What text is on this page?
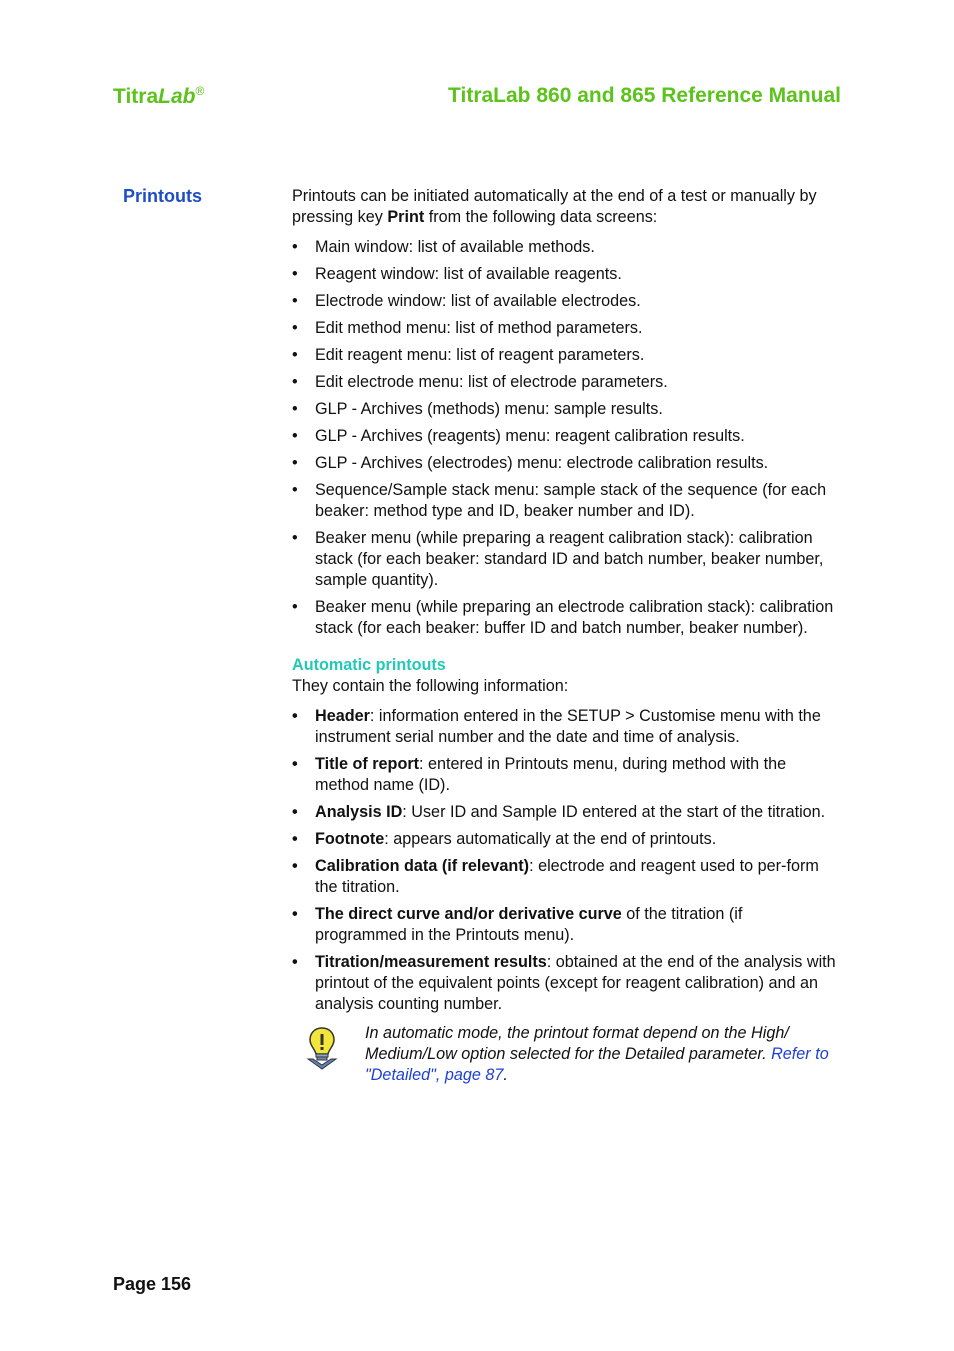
TitraLab®	TitraLab 860 and 865 Reference Manual
Printouts	Printouts can be initiated automatically at the end of a test or manually by pressing key Print from the following data screens:

• Main window: list of available methods.
• Reagent window: list of available reagents.
• Electrode window: list of available electrodes.
• Edit method menu: list of method parameters.
• Edit reagent menu: list of reagent parameters.
• Edit electrode menu: list of electrode parameters.
• GLP - Archives (methods) menu: sample results.
• GLP - Archives (reagents) menu: reagent calibration results.
• GLP - Archives (electrodes) menu: electrode calibration results.
• Sequence/Sample stack menu: sample stack of the sequence (for each beaker: method type and ID, beaker number and ID).
• Beaker menu (while preparing a reagent calibration stack): calibration stack (for each beaker: standard ID and batch number, beaker number, sample quantity).
• Beaker menu (while preparing an electrode calibration stack): calibration stack (for each beaker: buffer ID and batch number, beaker number).
Automatic printouts

They contain the following information:

• Header: information entered in the SETUP > Customise menu with the instrument serial number and the date and time of analysis.
• Title of report: entered in Printouts menu, during method with the method name (ID).
• Analysis ID: User ID and Sample ID entered at the start of the titration.
• Footnote: appears automatically at the end of printouts.
• Calibration data (if relevant): electrode and reagent used to per-form the titration.
• The direct curve and/or derivative curve of the titration (if programmed in the Printouts menu).
• Titration/measurement results: obtained at the end of the analysis with printout of the equivalent points (except for reagent calibration) and an analysis counting number.
In automatic mode, the printout format depend on the High/ Medium/Low option selected for the Detailed parameter. Refer to "Detailed", page 87.
Page 156
